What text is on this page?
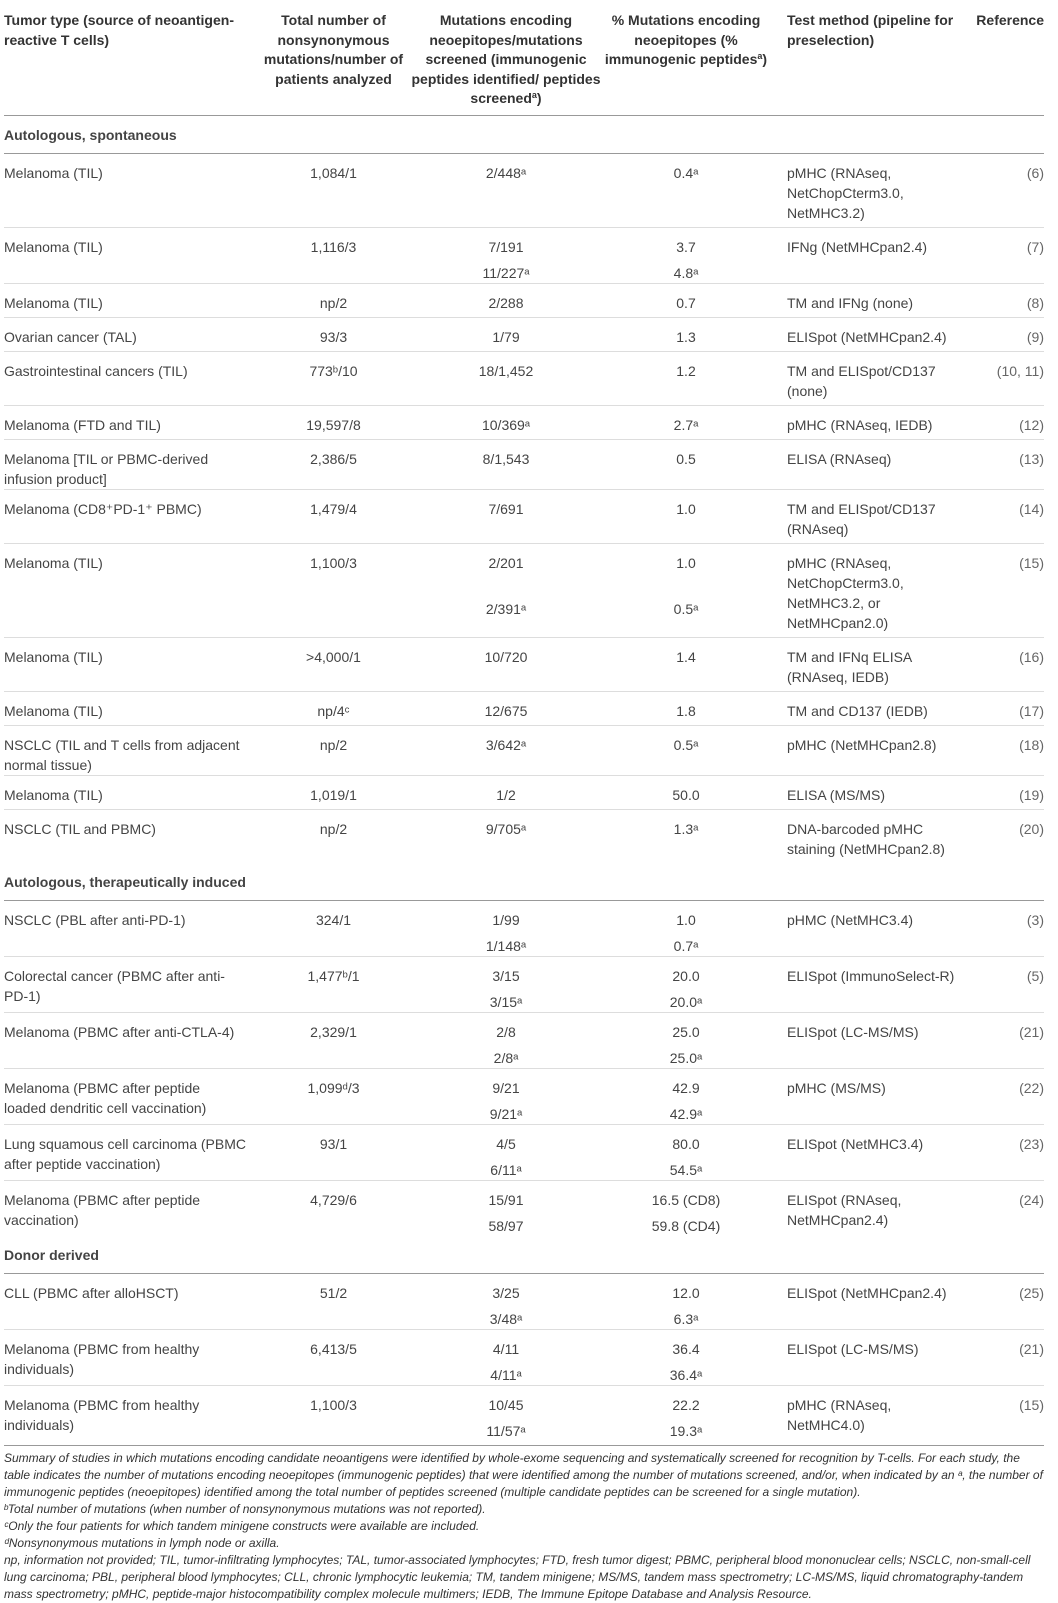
Tumor type (source of neoantigen-reactive T cells)	Total number of nonsynonymous mutations/number of patients analyzed	Mutations encoding neoepitopes/mutations screened (immunogenic peptides identified/ peptides screened$^a$)	% Mutations encoding neoepitopes (% immunogenic peptides$^a$)	Test method (pipeline for preselection)	Reference
Autologous, spontaneous					
Melanoma (TIL)	1,084/1	2/448ᵃ	0.4ᵃ	pMHC (RNAseq, NetChopCterm3.0, NetMHC3.2)	(6)
Melanoma (TIL)	1,116/3	7/191	3.7	IFNg (NetMHCpan2.4)	(7)
		11/227ᵃ	4.8ᵃ		
Melanoma (TIL)	np/2	2/288	0.7	TM and IFNg (none)	(8)
Ovarian cancer (TAL)	93/3	1/79	1.3	ELISpot (NetMHCpan2.4)	(9)
Gastrointestinal cancers (TIL)	773ᵇ/10	18/1,452	1.2	TM and ELISpot/CD137 (none)	(10, 11)
Melanoma (FTD and TIL)	19,597/8	10/369ᵃ	2.7ᵃ	pMHC (RNAseq, IEDB)	(12)
Melanoma [TIL or PBMC-derived infusion product]	2,386/5	8/1,543	0.5	ELISA (RNAseq)	(13)
Melanoma (CD8⁺PD-1⁺ PBMC)	1,479/4	7/691	1.0	TM and ELISpot/CD137 (RNAseq)	(14)
Melanoma (TIL)	1,100/3	2/201	1.0	pMHC (RNAseq, NetChopCterm3.0, NetMHC3.2, or NetMHCpan2.0)	(15)
		2/391ᵃ	0.5ᵃ		
Melanoma (TIL)	>4,000/1	10/720	1.4	TM and IFNq ELISA (RNAseq, IEDB)	(16)
Melanoma (TIL)	np/4ᶜ	12/675	1.8	TM and CD137 (IEDB)	(17)
NSCLC (TIL and T cells from adjacent normal tissue)	np/2	3/642ᵃ	0.5ᵃ	pMHC (NetMHCpan2.8)	(18)
Melanoma (TIL)	1,019/1	1/2	50.0	ELISA (MS/MS)	(19)
NSCLC (TIL and PBMC)	np/2	9/705ᵃ	1.3ᵃ	DNA-barcoded pMHC staining (NetMHCpan2.8)	(20)
Autologous, therapeutically induced					
NSCLC (PBL after anti-PD-1)	324/1	1/99	1.0	pHMC (NetMHC3.4)	(3)
		1/148ᵃ	0.7ᵃ		
Colorectal cancer (PBMC after anti-PD-1)	1,477ᵇ/1	3/15	20.0	ELISpot (ImmunoSelect-R)	(5)
		3/15ᵃ	20.0ᵃ		
Melanoma (PBMC after anti-CTLA-4)	2,329/1	2/8	25.0	ELISpot (LC-MS/MS)	(21)
		2/8ᵃ	25.0ᵃ		
Melanoma (PBMC after peptide loaded dendritic cell vaccination)	1,099ᵈ/3	9/21	42.9	pMHC (MS/MS)	(22)
		9/21ᵃ	42.9ᵃ		
Lung squamous cell carcinoma (PBMC after peptide vaccination)	93/1	4/5	80.0	ELISpot (NetMHC3.4)	(23)
		6/11ᵃ	54.5ᵃ		
Melanoma (PBMC after peptide vaccination)	4,729/6	15/91	16.5 (CD8)	ELISpot (RNAseq, NetMHCpan2.4)	(24)
		58/97	59.8 (CD4)		
Donor derived					
CLL (PBMC after alloHSCT)	51/2	3/25	12.0	ELISpot (NetMHCpan2.4)	(25)
		3/48ᵃ	6.3ᵃ		
Melanoma (PBMC from healthy individuals)	6,413/5	4/11	36.4	ELISpot (LC-MS/MS)	(21)
		4/11ᵃ	36.4ᵃ		
Melanoma (PBMC from healthy individuals)	1,100/3	10/45	22.2	pMHC (RNAseq, NetMHC4.0)	(15)
		11/57ᵃ	19.3ᵃ		

Summary of studies in which mutations encoding candidate neoantigens were identified by whole-exome sequencing and systematically screened for recognition by T-cells. For each study, the table indicates the number of mutations encoding neoepitopes (immunogenic peptides) that were identified among the number of mutations screened, and/or, when indicated by an ᵃ, the number of immunogenic peptides (neoepitopes) identified among the total number of peptides screened (multiple candidate peptides can be screened for a single mutation).

ᵇTotal number of mutations (when number of nonsynonymous mutations was not reported).

ᶜOnly the four patients for which tandem minigene constructs were available are included.

ᵈNonsynonymous mutations in lymph node or axilla.

np, information not provided; TIL, tumor-infiltrating lymphocytes; TAL, tumor-associated lymphocytes; FTD, fresh tumor digest; PBMC, peripheral blood mononuclear cells; NSCLC, non-small-cell lung carcinoma; PBL, peripheral blood lymphocytes; CLL, chronic lymphocytic leukemia; TM, tandem minigene; MS/MS, tandem mass spectrometry; LC-MS/MS, liquid chromatography-tandem mass spectrometry; pMHC, peptide-major histocompatibility complex molecule multimers; IEDB, The Immune Epitope Database and Analysis Resource.
